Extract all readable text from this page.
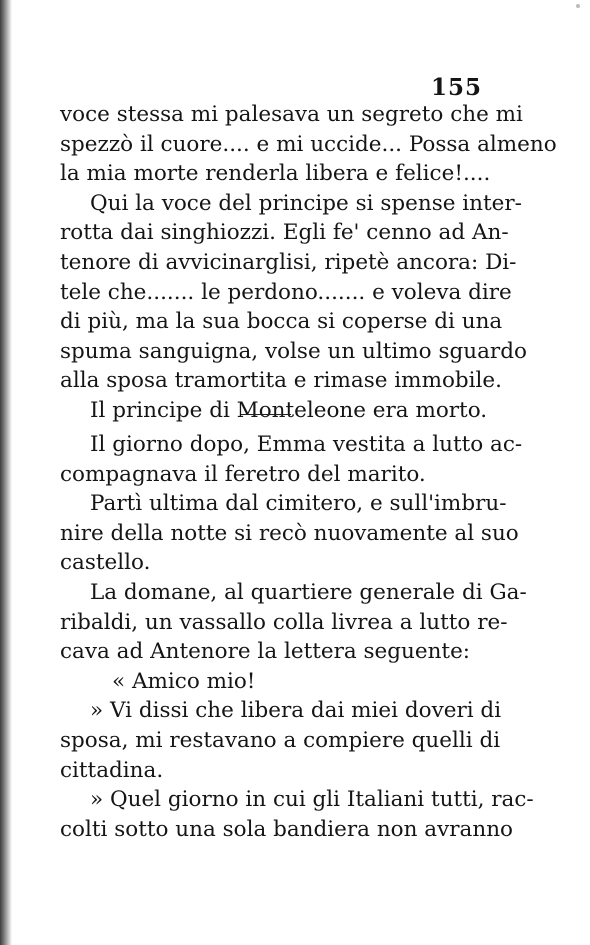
155
voce stessa mi palesava un segreto che mi
spezzò il cuore.... e mi uccide... Possa almeno
la mia morte renderla libera e felice!....
Qui la voce del principe si spense inter-
rotta dai singhiozzi. Egli fe' cenno ad An-
tenore di avvicinarglisi, ripetè ancora: Di-
tele che....... le perdono....... e voleva dire
di più, ma la sua bocca si coperse di una
spuma sanguigna, volse un ultimo sguardo
alla sposa tramortita e rimase immobile.
Il principe di Monteleone era morto.
Il giorno dopo, Emma vestita a lutto ac-
compagnava il feretro del marito.
Partì ultima dal cimitero, e sull'imbru-
nire della notte si recò nuovamente al suo
castello.
La domane, al quartiere generale di Ga-
ribaldi, un vassallo colla livrea a lutto re-
cava ad Antenore la lettera seguente:
« Amico mio!
» Vi dissi che libera dai miei doveri di
sposa, mi restavano a compiere quelli di
cittadina.
» Quel giorno in cui gli Italiani tutti, rac-
colti sotto una sola bandiera non avranno
